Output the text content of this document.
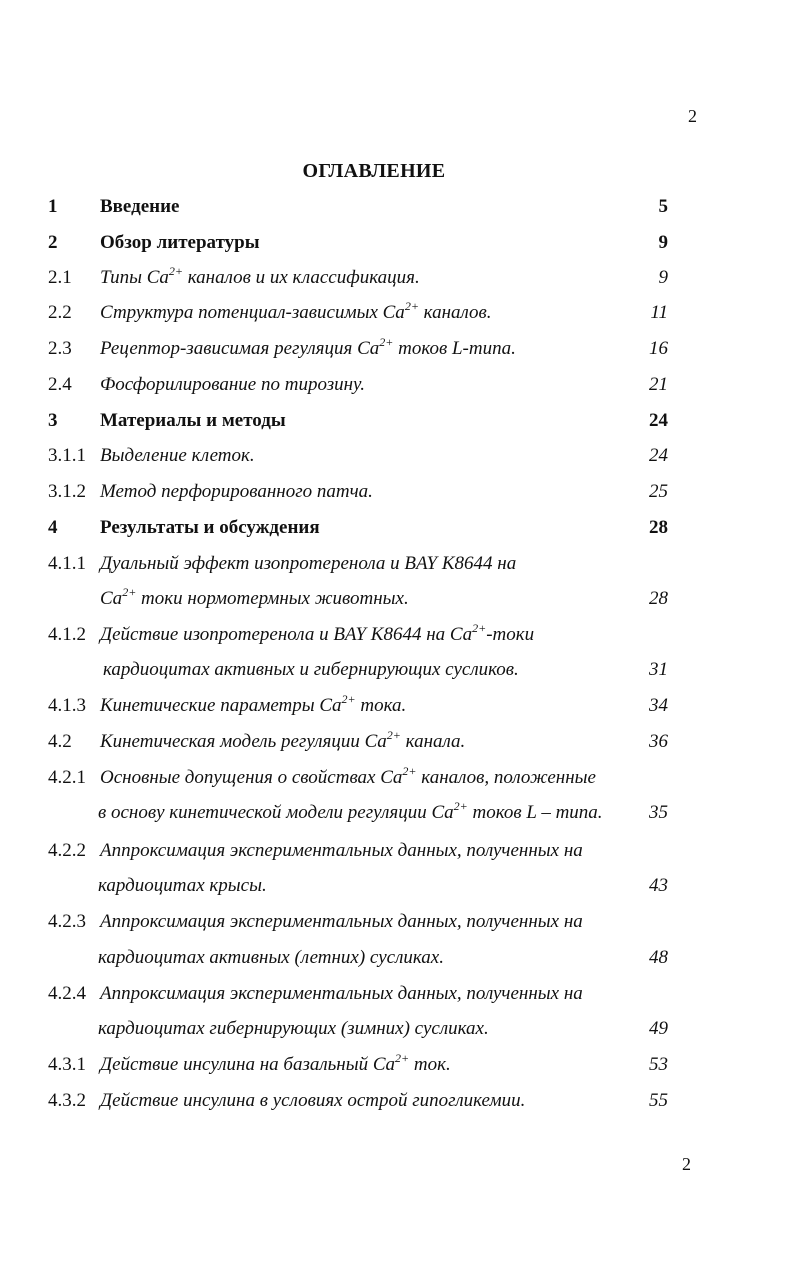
2
ОГЛАВЛЕНИЕ
1 Введение	5
2 Обзор литературы	9
2.1 Типы $Ca^{2+}$ каналов и их классификация.	9
2.2 Структура потенциал-зависимых $Ca^{2+}$ каналов.	11
2.3 Рецептор-зависимая регуляция $Ca^{2+}$ токов L-типа.	16
2.4 Фосфорилирование по тирозину.	21
3 Материалы и методы	24
3.1.1 Выделение клеток.	24
3.1.2 Метод перфорированного патча.	25
4 Результаты и обсуждения	28
4.1.1 Дуальный эффект изопротеренола и BAY K8644 на
$Ca^{2+}$ токи нормотермных животных.	28
4.1.2 Действие изопротеренола и BAY K8644 на $Ca^{2+}$-токи
кардиоцитах активных и гибернирующих сусликов.	31
4.1.3 Кинетические параметры $Ca^{2+}$ тока.	34
4.2 Кинетическая модель регуляции $Ca^{2+}$ канала.	36
4.2.1 Основные допущения о свойствах $Ca^{2+}$ каналов, положенные
в основу кинетической модели регуляции $Ca^{2+}$ токов L – типа.	35
4.2.2 Аппроксимация экспериментальных данных, полученных на
кардиоцитах крысы.	43
4.2.3 Аппроксимация экспериментальных данных, полученных на
кардиоцитах активных (летних) сусликах.	48
4.2.4 Аппроксимация экспериментальных данных, полученных на
кардиоцитах гибернирующих (зимних) сусликах.	49
4.3.1 Действие инсулина на базальный $Ca^{2+}$ ток.	53
4.3.2 Действие инсулина в условиях острой гипогликемии.	55
2
